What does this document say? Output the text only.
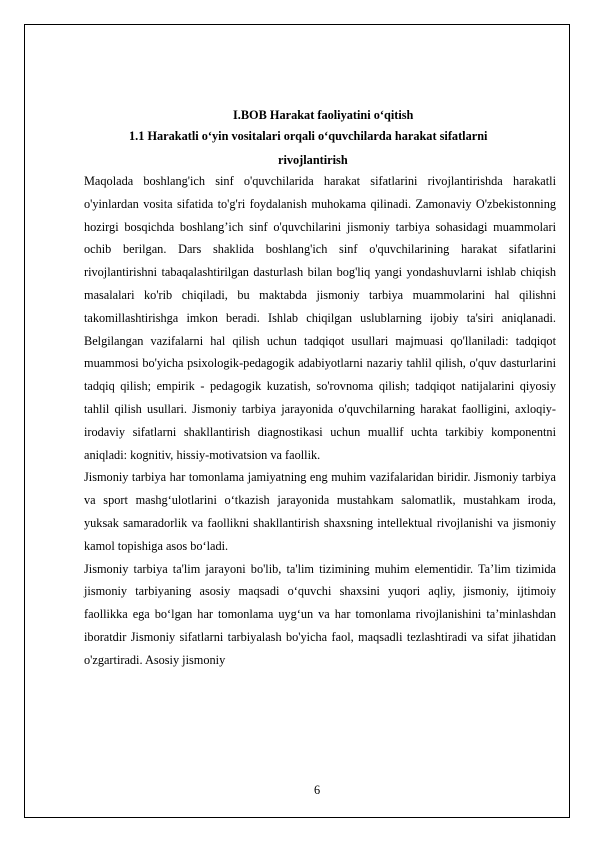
I.BOB Harakat faoliyatini o‘qitish
1.1 Harakatli o‘yin vositalari orqali o‘quvchilarda harakat sifatlarni
rivojlantirish

Maqolada boshlang'ich sinf o'quvchilarida harakat sifatlarini rivojlantirishda harakatli o'yinlardan vosita sifatida to'g'ri foydalanish muhokama qilinadi. Zamonaviy O'zbekistonning hozirgi bosqichda boshlang’ich sinf o'quvchilarini jismoniy tarbiya sohasidagi muammolari ochib berilgan. Dars shaklida boshlang'ich sinf o'quvchilarining harakat sifatlarini rivojlantirishni tabaqalashtirilgan dasturlash bilan bog'liq yangi yondashuvlarni ishlab chiqish masalalari ko'rib chiqiladi, bu maktabda jismoniy tarbiya muammolarini hal qilishni takomillashtirishga imkon beradi. Ishlab chiqilgan uslublarning ijobiy ta'siri aniqlanadi. Belgilangan vazifalarni hal qilish uchun tadqiqot usullari majmuasi qo'llaniladi: tadqiqot muammosi bo'yicha psixologik-pedagogik adabiyotlarni nazariy tahlil qilish, o'quv dasturlarini tadqiq qilish; empirik - pedagogik kuzatish, so'rovnoma qilish; tadqiqot natijalarini qiyosiy tahlil qilish usullari. Jismoniy tarbiya jarayonida o'quvchilarning harakat faolligini, axloqiy-irodaviy sifatlarni shakllantirish diagnostikasi uchun muallif uchta tarkibiy komponentni aniqladi: kognitiv, hissiy-motivatsion va faollik.

Jismoniy tarbiya har tomonlama jamiyatning eng muhim vazifalaridan biridir. Jismoniy tarbiya va sport mashg‘ulotlarini o‘tkazish jarayonida mustahkam salomatlik, mustahkam iroda, yuksak samaradorlik va faollikni shakllantirish shaxsning intellektual rivojlanishi va jismoniy kamol topishiga asos bo‘ladi.

Jismoniy tarbiya ta'lim jarayoni bo'lib, ta'lim tizimining muhim elementidir. Ta’lim tizimida jismoniy tarbiyaning asosiy maqsadi o‘quvchi shaxsini yuqori aqliy, jismoniy, ijtimoiy faollikka ega bo‘lgan har tomonlama uyg‘un va har tomonlama rivojlanishini ta’minlashdan iboratdir Jismoniy sifatlarni tarbiyalash bo'yicha faol, maqsadli tezlashtiradi va sifat jihatidan o'zgartiradi. Asosiy jismoniy

6
